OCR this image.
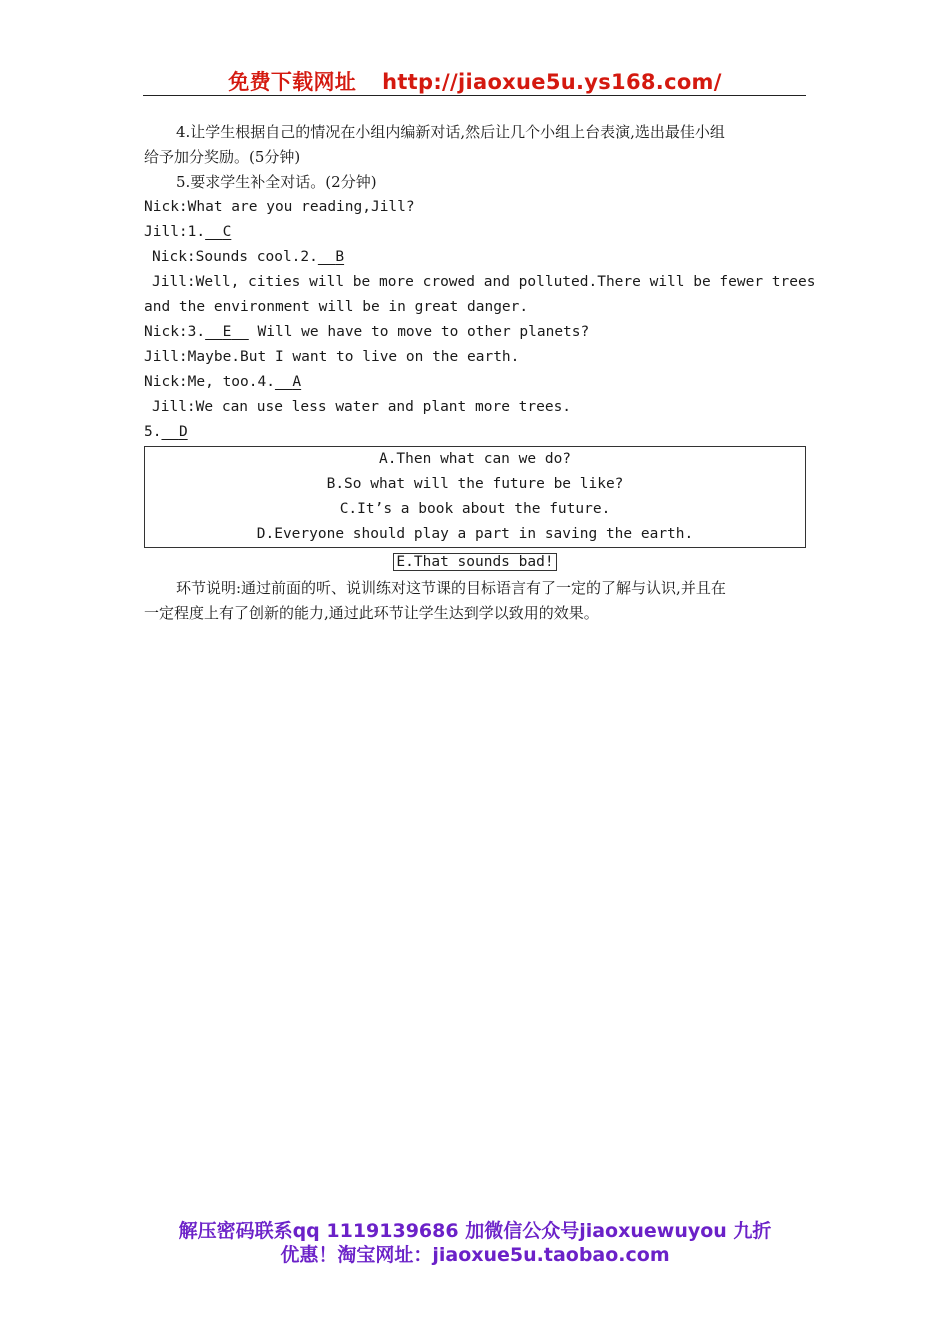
免费下载网址 http://jiaoxue5u.ys168.com/
4.让学生根据自己的情况在小组内编新对话,然后让几个小组上台表演,选出最佳小组
给予加分奖励。(5分钟)
5.要求学生补全对话。(2分钟)
Nick:What are you reading,Jill?
Jill:1. C
Nick:Sounds cool.2. B
Jill:Well, cities will be more crowed and polluted.There will be fewer trees
and the environment will be in great danger.
Nick:3. E Will we have to move to other planets?
Jill:Maybe.But I want to live on the earth.
Nick:Me, too.4. A
Jill:We can use less water and plant more trees.
5. D
A.Then what can we do?
B.So what will the future be like?
C.It’s a book about the future.
D.Everyone should play a part in saving the earth.
E.That sounds bad!
环节说明:通过前面的听、说训练对这节课的目标语言有了一定的了解与认识,并且在
一定程度上有了创新的能力,通过此环节让学生达到学以致用的效果。
解压密码联系qq 1119139686 加微信公众号jiaoxuewuyou 九折
优惠！淘宝网址：jiaoxue5u.taobao.com
